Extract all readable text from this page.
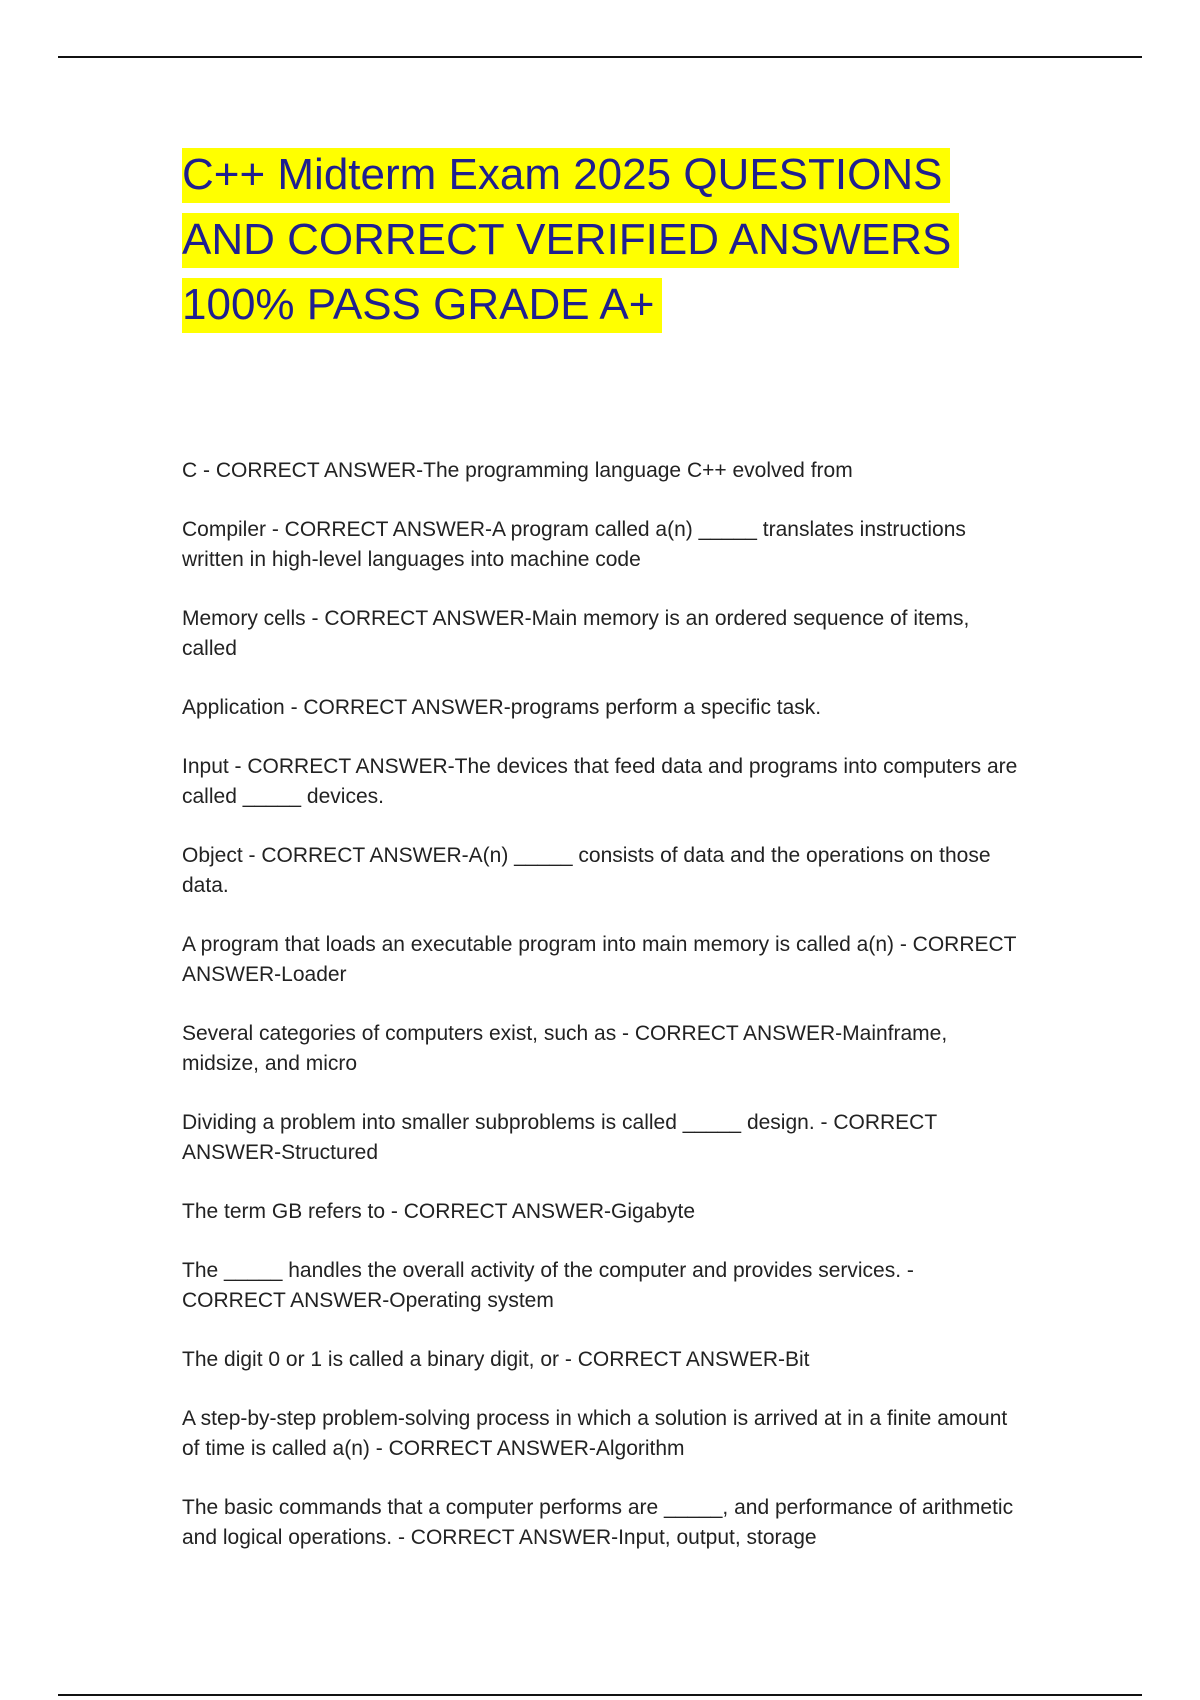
C++ Midterm Exam 2025 QUESTIONS AND CORRECT VERIFIED ANSWERS 100% PASS GRADE A+
C - CORRECT ANSWER-The programming language C++ evolved from
Compiler - CORRECT ANSWER-A program called a(n) _____ translates instructions written in high-level languages into machine code
Memory cells - CORRECT ANSWER-Main memory is an ordered sequence of items, called
Application - CORRECT ANSWER-programs perform a specific task.
Input - CORRECT ANSWER-The devices that feed data and programs into computers are called _____ devices.
Object - CORRECT ANSWER-A(n) _____ consists of data and the operations on those data.
A program that loads an executable program into main memory is called a(n) - CORRECT ANSWER-Loader
Several categories of computers exist, such as - CORRECT ANSWER-Mainframe, midsize, and micro
Dividing a problem into smaller subproblems is called _____ design. - CORRECT ANSWER-Structured
The term GB refers to - CORRECT ANSWER-Gigabyte
The _____ handles the overall activity of the computer and provides services. - CORRECT ANSWER-Operating system
The digit 0 or 1 is called a binary digit, or - CORRECT ANSWER-Bit
A step-by-step problem-solving process in which a solution is arrived at in a finite amount of time is called a(n) - CORRECT ANSWER-Algorithm
The basic commands that a computer performs are _____, and performance of arithmetic and logical operations. - CORRECT ANSWER-Input, output, storage
